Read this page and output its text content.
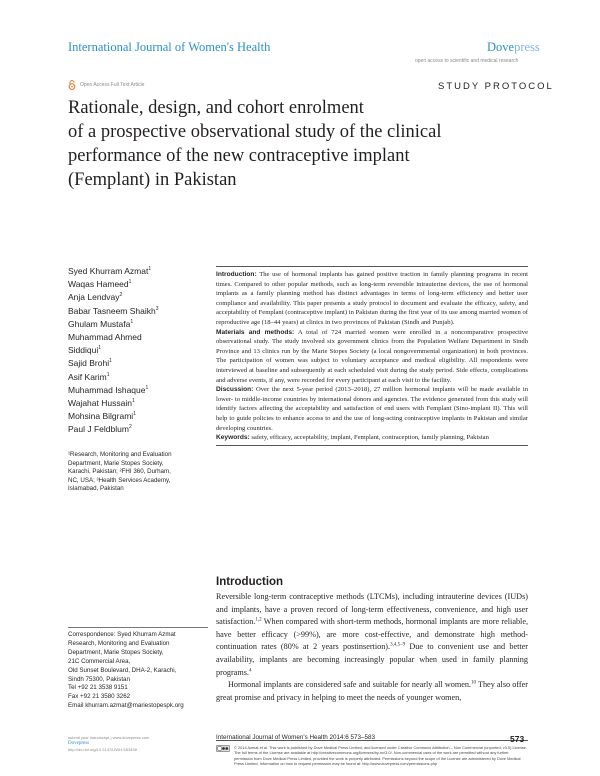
International Journal of Women's Health	Dovepress
open access to scientific and medical research
Open Access Full Text Article	STUDY PROTOCOL
Rationale, design, and cohort enrolment
of a prospective observational study of the clinical
performance of the new contraceptive implant
(Femplant) in Pakistan
Syed Khurram Azmat$^1$
Waqas Hameed$^1$
Anja Lendvay$^2$
Babar Tasneem Shaikh$^3$
Ghulam Mustafa$^1$
Muhammad Ahmed
Siddiqui$^1$
Sajid Brohi$^1$
Asif Karim$^1$
Muhammad Ishaque$^1$
Wajahat Hussain$^1$
Mohsina Bilgrami$^1$
Paul J Feldblum$^2$
¹Research, Monitoring and Evaluation
Department, Marie Stopes Society,
Karachi, Pakistan; ²FHI 360, Durham,
NC, USA; ³Health Services Academy,
Islamabad, Pakistan
Correspondence: Syed Khurram Azmat
Research, Monitoring and Evaluation
Department, Marie Stopes Society,
21C Commercial Area,
Old Sunset Boulevard, DHA-2, Karachi,
Sindh 75300, Pakistan
Tel +92 21 3538 9151
Fax +92 21 3580 3262
Email khurram.azmat@mariestopespk.org

Introduction: The use of hormonal implants has gained positive traction in family planning programs in recent times. Compared to other popular methods, such as long-term reversible intrauterine devices, the use of hormonal implants as a family planning method has distinct advantages in terms of long-term efficiency and better user compliance and availability. This paper presents a study protocol to document and evaluate the efficacy, safety, and acceptability of Femplant (contraceptive implant) in Pakistan during the first year of its use among married women of reproductive age (18–44 years) at clinics in two provinces of Pakistan (Sindh and Punjab).

Materials and methods: A total of 724 married women were enrolled in a noncomparative prospective observational study. The study involved six government clinics from the Population Welfare Department in Sindh Province and 13 clinics run by the Marie Stopes Society (a local nongovernmental organization) in both provinces. The participation of women was subject to voluntary acceptance and medical eligibility. All respondents were interviewed at baseline and subsequently at each scheduled visit during the study period. Side effects, complications and adverse events, if any, were recorded for every participant at each visit to the facility.

Discussion: Over the next 5-year period (2013–2018), 27 million hormonal implants will be made available in lower- to middle-income countries by international donors and agencies. The evidence generated from this study will identify factors affecting the acceptability and satisfaction of end users with Femplant (Sino-implant II). This will help to guide policies to enhance access to and the use of long-acting contraceptive implants in Pakistan and similar developing countries.

Keywords: safety, efficacy, acceptability, implant, Femplant, contraception, family planning, Pakistan

Introduction

Reversible long-term contraceptive methods (LTCMs), including intrauterine devices (IUDs) and implants, have a proven record of long-term effectiveness, convenience, and high user satisfaction.$^{1,2}$ When compared with short-term methods, hormonal implants are more reliable, have better efficacy (>99%), are more cost-effective, and demonstrate high method-continuation rates (80% at 2 years postinsertion).$^{3,4,5-9}$ Due to convenient use and better availability, implants are becoming increasingly popular when used in family planning programs.$^4$

Hormonal implants are considered safe and suitable for nearly all women.$^{10}$ They also offer great promise and privacy in helping to meet the needs of younger women,

submit your manuscript | www.dovepress.com
Dovepress
http://dx.doi.org/10.2147/IJWH.S53458
International Journal of Women's Health 2014:6 573–583	573
© 2014 Azmat et al. This work is published by Dove Medical Press Limited, and licensed under Creative Commons Attribution – Non Commercial (unported, v3.0) License. The full terms of the License are available at http://creativecommons.org/licenses/by-nc/3.0/. Non-commercial uses of the work are permitted without any further permission from Dove Medical Press Limited, provided the work is properly attributed. Permissions beyond the scope of the License are administered by Dove Medical Press Limited. Information on how to request permission may be found at: http://www.dovepress.com/permissions.php
